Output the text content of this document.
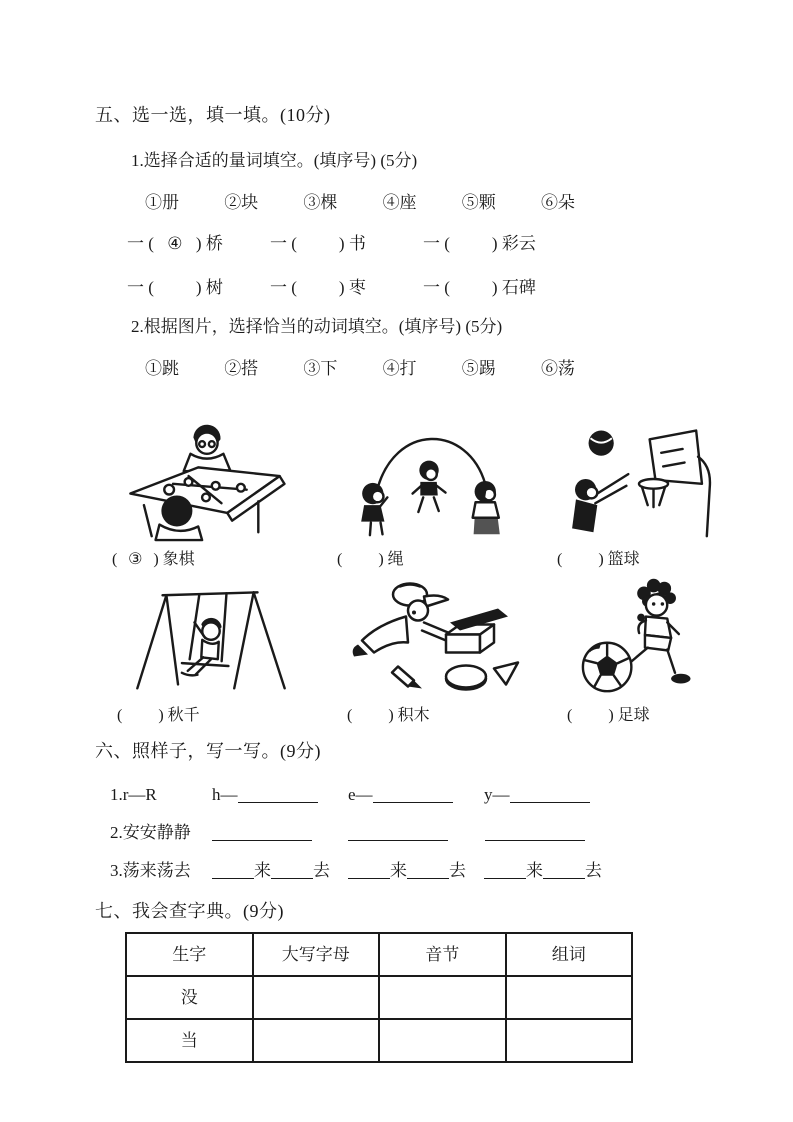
五、选一选，填一填。(10分)
1.选择合适的量词填空。(填序号) (5分)
①册	②块	③棵	④座	⑤颗	⑥朵
一 ( ④ ) 桥	一 ( ) 书	一 ( ) 彩云
一 ( ) 树	一 ( ) 枣	一 ( ) 石碑
2.根据图片，选择恰当的动词填空。(填序号) (5分)
①跳	②搭	③下	④打	⑤踢	⑥荡
( ③ ) 象棋	( ) 绳	( ) 篮球
( ) 秋千	( ) 积木	( ) 足球
六、照样子，写一写。(9分)
1.r—R	h—	e—	y—
2.安安静静
3.荡来荡去	来 去	来 去	来 去
七、我会查字典。(9分)
生字	大写字母	音节	组词
没			
当			
